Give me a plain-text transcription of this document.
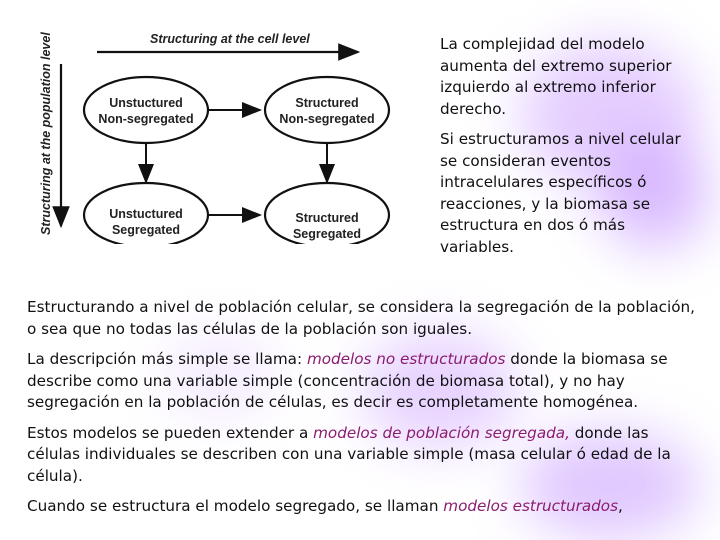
Structuring at the cell level
Structuring at the population level	Unstuctured
Non-segregated
Structured
Non-segregated
Unstuctured
Segregated
Structured
Segregated

La complejidad del modelo aumenta del extremo superior izquierdo al extremo inferior derecho.

Si estructuramos a nivel celular se consideran eventos intracelulares específicos ó reacciones, y la biomasa se estructura en dos ó más variables.

Estructurando a nivel de población celular, se considera la segregación de la población, o sea que no todas las células de la población son iguales.

La descripción más simple se llama: modelos no estructurados donde la biomasa se describe como una variable simple (concentración de biomasa total), y no hay segregación en la población de células, es decir es completamente homogénea.

Estos modelos se pueden extender a modelos de población segregada, donde las células individuales se describen con una variable simple (masa celular ó edad de la célula).

Cuando se estructura el modelo segregado, se llaman modelos estructurados,
